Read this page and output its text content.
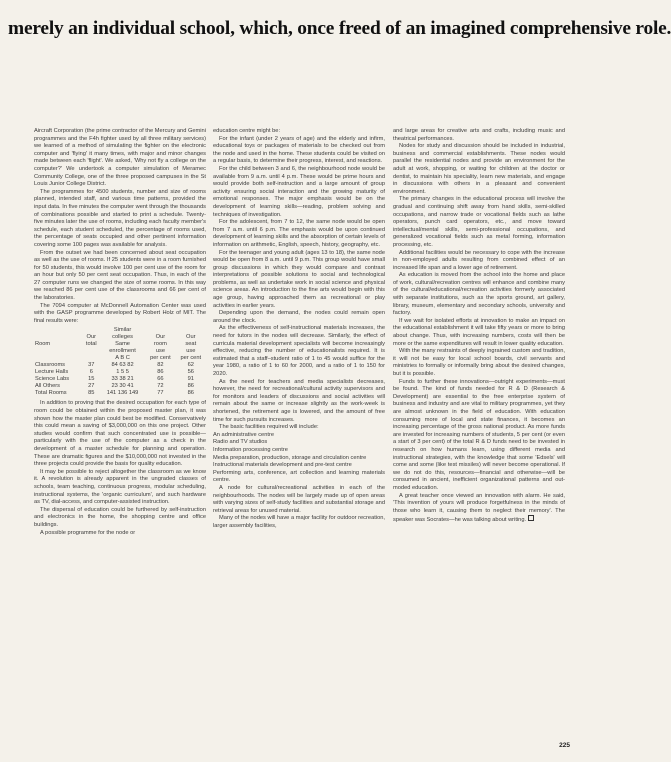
merely an individual school, which, once freed of an imagined comprehensive role.

Aircraft Corporation (the prime contractor of the Mercury and Gemini programmes and the F4h fighter used by all three military services) we learned of a method of simulating the fighter on the electronic computer and 'flying' it many times, with major and minor changes made between each 'flight'. We asked, 'Why not fly a college on the computer?' We undertook a computer simulation of Meramec Community College, one of the three proposed campuses in the St Louis Junior College District.

The programmes for 4500 students, number and size of rooms planned, intended staff, and various time patterns, provided the input data. In five minutes the computer went through the thousands of combinations possible and started to print a schedule. Twenty-five minutes later the use of rooms, including each faculty member's schedule, each student scheduled, the percentage of rooms used, the percentage of seats occupied and other pertinent information covering some 100 pages was available for analysis.

From the outset we had been concerned about seat occupation as well as the use of rooms. If 25 students were in a room furnished for 50 students, this would involve 100 per cent use of the room for an hour but only 50 per cent seat occupation. Thus, in each of the 27 computer runs we changed the size of some rooms. In this way we reached 86 per cent use of the classrooms and 66 per cent of the laboratories.

The 7094 computer at McDonnell Automation Center was used with the GASP programme developed by Robert Holz of MIT. The final results were:

		Similar		
	Our	colleges	Our	Our
Room	total	Same	room	seat
		enrollment	use	use
		A B C	per cent	per cent
Classrooms	37	84 63 82	82	62
Lecture Halls	6	1 5 5	86	56
Science Labs	15	33 38 21	66	91
All Others	27	23 30 41	72	86
Total Rooms	85	141 136 149	77	86

In addition to proving that the desired occupation for each type of room could be obtained within the proposed master plan, it was shown how the master plan could best be modified. Conservatively this could mean a saving of $3,000,000 on this one project. Other studies would confirm that such concentrated use is possible—particularly with the use of the computer as a check in the development of a master schedule for planning and operation. These are dramatic figures and the $10,000,000 not invested in the three projects could provide the basis for quality education.

It may be possible to reject altogether the classroom as we know it. A revolution is already apparent in the ungraded classes of schools, team teaching, continuous progress, modular scheduling, instructional systems, the 'organic curriculum', and such hardware as TV, dial-access, and computer-assisted instruction.

The dispersal of education could be furthered by self-instruction and electronics in the home, the shopping centre and office buildings.

A possible programme for the node or

education centre might be:

For the infant (under 2 years of age) and the elderly and infirm, educational toys or packages of materials to be checked out from the node and used in the home. These students could be visited on a regular basis, to determine their progress, interest, and reactions.

For the child between 3 and 6, the neighbourhood node would be available from 9 a.m. until 4 p.m. These would be prime hours and would provide both self-instruction and a large amount of group activity ensuring social interaction and the growing maturity of emotional responses. The major emphasis would be on the development of learning skills—reading, problem solving and techniques of investigation.

For the adolescent, from 7 to 12, the same node would be open from 7 a.m. until 6 p.m. The emphasis would be upon continued development of learning skills and the absorption of certain levels of information on arithmetic, English, speech, history, geography, etc.

For the teenager and young adult (ages 13 to 18), the same node would be open from 8 a.m. until 9 p.m. This group would have small group discussions in which they would compare and contrast interpretations of possible solutions to social and technological problems, as well as undertake work in social science and physical science areas. An introduction to the fine arts would begin with this age group, having approached them as recreational or play activities in earlier years.

Depending upon the demand, the nodes could remain open around the clock.

As the effectiveness of self-instructional materials increases, the need for tutors in the nodes will decrease. Similarly, the effect of curricula material development specialists will become increasingly effective, reducing the number of educationalists required. It is estimated that a staff–student ratio of 1 to 45 would suffice for the year 1980, a ratio of 1 to 60 for 2000, and a ratio of 1 to 150 for 2020.

As the need for teachers and media specialists decreases, however, the need for recreational/cultural activity supervisors and for monitors and leaders of discussions and social activities will remain about the same or increase slightly as the work-week is shortened, the retirement age is lowered, and the amount of free time for such pursuits increases.

The basic facilities required will include:

An administrative centre

Radio and TV studios

Information processing centre

Media preparation, production, storage and circulation centre

Instructional materials development and pre-test centre

Performing arts, conference, art collection and learning materials centre.

A node for cultural/recreational activities in each of the neighbourhoods. The nodes will be largely made up of open areas with varying sizes of self-study facilities and substantial storage and retrieval areas for unused material.

Many of the nodes will have a major facility for outdoor recreation, larger assembly facilities,

and large areas for creative arts and crafts, including music and theatrical performances.

Nodes for study and discussion should be included in industrial, business and commercial establishments. These nodes would parallel the residential nodes and provide an environment for the adult at work, shopping, or waiting for children at the doctor or dentist, to maintain his speciality, learn new materials, and engage in discussions with others in a pleasant and convenient environment.

The primary changes in the educational process will involve the gradual and continuing shift away from hand skills, semi-skilled occupations, and narrow trade or vocational fields such as lathe operators, punch card operators, etc., and move toward intellectual/mental skills, semi-professional occupations, and generalized vocational fields such as metal forming, information processing, etc.

Additional facilities would be necessary to cope with the increase in non-employed adults resulting from combined effect of an increased life span and a lower age of retirement.

As education is moved from the school into the home and place of work, cultural/recreation centres will enhance and combine many of the cultural/educational/recreation activities formerly associated with separate institutions, such as the sports ground, art gallery, library, museum, elementary and secondary schools, university and factory.

If we wait for isolated efforts at innovation to make an impact on the educational establishment it will take fifty years or more to bring about change. Thus, with increasing numbers, costs will then be more or the same expenditures will result in lower quality education.

With the many restraints of deeply ingrained custom and tradition, it will not be easy for local school boards, civil servants and ministries to formally or informally bring about the desired changes, but it is possible.

Funds to further these innovations—outright experiments—must be found. The kind of funds needed for R & D (Research & Development) are essential to the free enterprise system of business and industry and are vital to military programmes, yet they are almost unknown in the field of education. With education consuming more of local and state finances, it becomes an increasing percentage of the gross national product. As more funds are invested for increasing numbers of students, 5 per cent (or even a start of 3 per cent) of the total R & D funds need to be invested in research on how humans learn, using different media and instructional strategies, with the knowledge that some 'Edsels' will come and some (like test missiles) will never become operational. If we do not do this, resources—financial and otherwise—will be consumed in ancient, inefficient organizational patterns and out-moded education.

A great teacher once viewed an innovation with alarm. He said, 'This invention of yours will produce forgetfulness in the minds of those who learn it, causing them to neglect their memory'. The speaker was Socrates—he was talking about writing.

225
